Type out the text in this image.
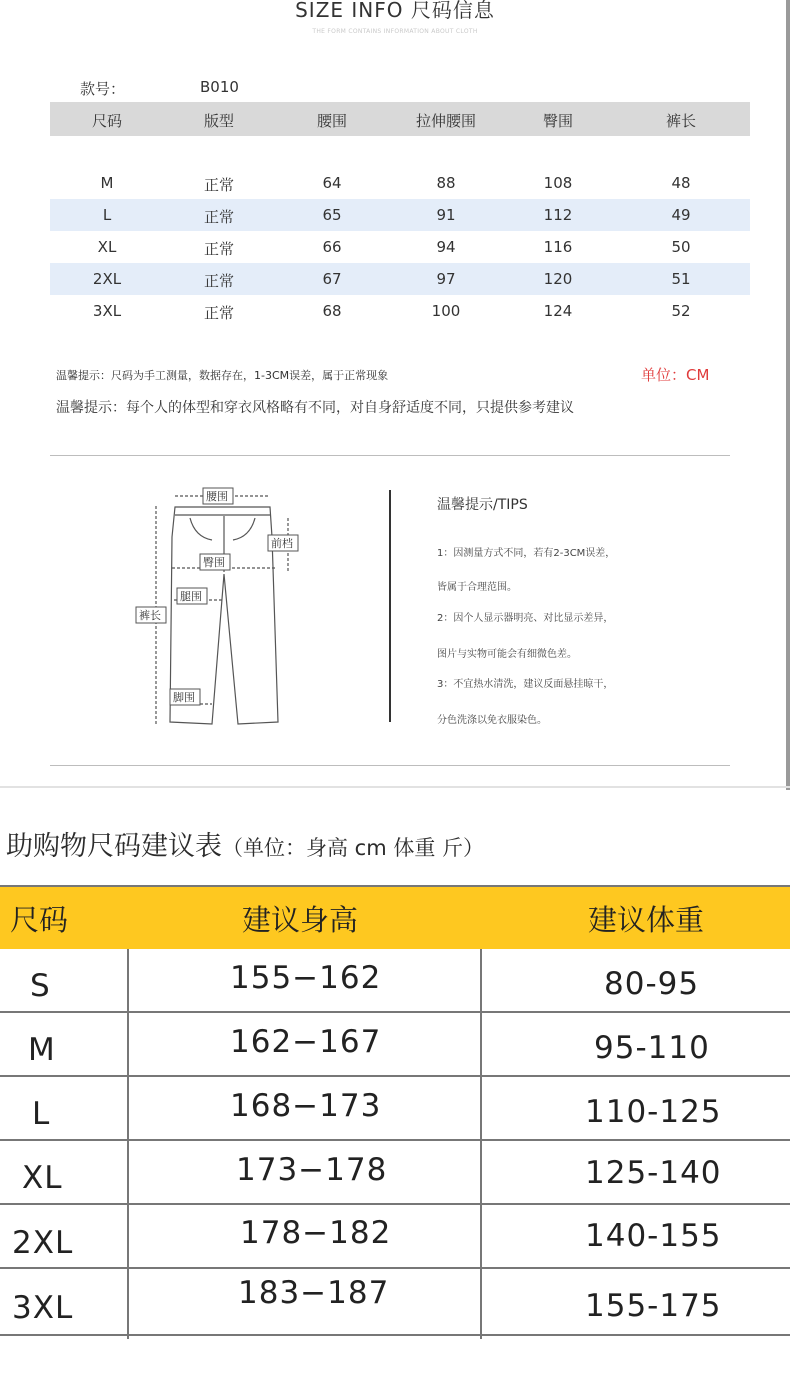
SIZE INFO 尺码信息
THE FORM CONTAINS INFORMATION ABOUT CLOTH
款号：	B010
尺码	版型	腰围	拉伸腰围	臀围	裤长
M	正常	64	88	108	48
L	正常	65	91	112	49
XL	正常	66	94	116	50
2XL	正常	67	97	120	51
3XL	正常	68	100	124	52
温馨提示：尺码为手工测量，数据存在，1-3CM误差，属于正常现象	单位：CM
温馨提示：每个人的体型和穿衣风格略有不同，对自身舒适度不同，只提供参考建议
腰围
前档
臀围
腿围
裤长
脚围
温馨提示/TIPS
1：因测量方式不同，若有2-3CM误差，
皆属于合理范围。
2：因个人显示器明亮、对比显示差异，
图片与实物可能会有细微色差。
3：不宜热水清洗，建议反面悬挂晾干，
分色洗涤以免衣服染色。
助购物尺码建议表（单位：身高 cm 体重 斤）
尺码	建议身高	建议体重
S	155−162	80-95
M	162−167	95-110
L	168−173	110-125
XL	173−178	125-140
2XL	178−182	140-155
3XL	183−187	155-175
